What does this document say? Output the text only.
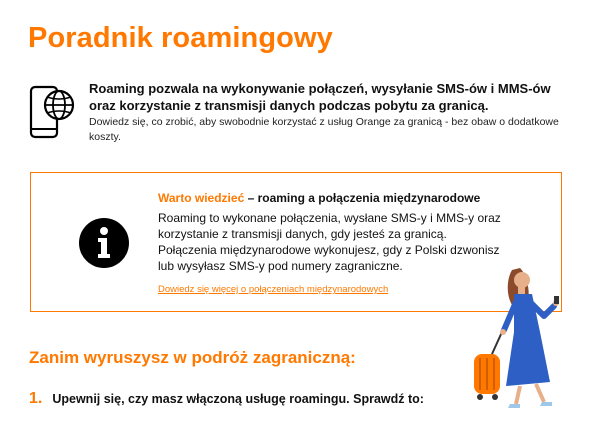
Poradnik roamingowy

Roaming pozwala na wykonywanie połączeń, wysyłanie SMS-ów i MMS-ów oraz korzystanie z transmisji danych podczas pobytu za granicą.

Dowiedz się, co zrobić, aby swobodnie korzystać z usług Orange za granicą - bez obaw o dodatkowe koszty.

Warto wiedzieć – roaming a połączenia międzynarodowe

Roaming to wykonane połączenia, wysłane SMS-y i MMS-y oraz korzystanie z transmisji danych, gdy jesteś za granicą.
Połączenia międzynarodowe wykonujesz, gdy z Polski dzwonisz lub wysyłasz SMS-y pod numery zagraniczne.
Dowiedz się więcej o połączeniach międzynarodowych
Zanim wyruszysz w podróż zagraniczną:

1. Upewnij się, czy masz włączoną usługę roamingu. Sprawdź to:
